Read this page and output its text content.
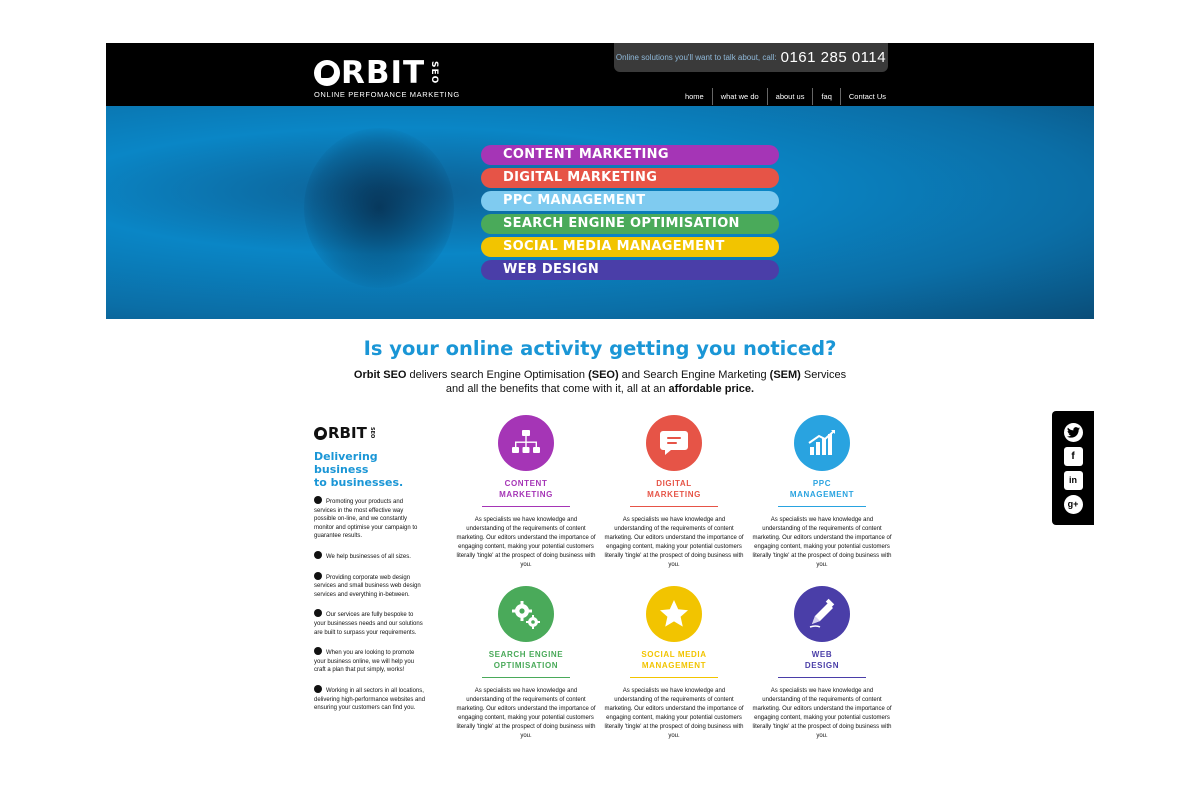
RBIT SEO
ONLINE PERFOMANCE MARKETING
Online solutions you'll want to talk about, call: 0161 285 0114
home	what we do	about us	faq	Contact Us
CONTENT MARKETING
DIGITAL MARKETING
PPC MANAGEMENT
SEARCH ENGINE OPTIMISATION
SOCIAL MEDIA MANAGEMENT
WEB DESIGN
Is your online activity getting you noticed?

Orbit SEO delivers search Engine Optimisation (SEO) and Search Engine Marketing (SEM) Services
and all the benefits that come with it, all at an affordable price.

RBIT SEO
Delivering
business
to businesses.
Promoting your products and services in the most effective way possible on-line, and we constantly monitor and optimise your campaign to guarantee results.
We help businesses of all sizes.
Providing corporate web design services and small business web design services and everything in-between.
Our services are fully bespoke to your businesses needs and our solutions are built to surpass your requirements.
When you are looking to promote your business online, we will help you craft a plan that put simply, works!
Working in all sectors in all locations, delivering high-performance websites and ensuring your customers can find you.
CONTENT
MARKETING
As specialists we have knowledge and understanding of the requirements of content marketing. Our editors understand the importance of engaging content, making your potential customers literally 'tingle' at the prospect of doing business with you.
DIGITAL
MARKETING
As specialists we have knowledge and understanding of the requirements of content marketing. Our editors understand the importance of engaging content, making your potential customers literally 'tingle' at the prospect of doing business with you.
PPC
MANAGEMENT
As specialists we have knowledge and understanding of the requirements of content marketing. Our editors understand the importance of engaging content, making your potential customers literally 'tingle' at the prospect of doing business with you.
SEARCH ENGINE
OPTIMISATION
As specialists we have knowledge and understanding of the requirements of content marketing. Our editors understand the importance of engaging content, making your potential customers literally 'tingle' at the prospect of doing business with you.
SOCIAL MEDIA
MANAGEMENT
As specialists we have knowledge and understanding of the requirements of content marketing. Our editors understand the importance of engaging content, making your potential customers literally 'tingle' at the prospect of doing business with you.
WEB
DESIGN
As specialists we have knowledge and understanding of the requirements of content marketing. Our editors understand the importance of engaging content, making your potential customers literally 'tingle' at the prospect of doing business with you.
f
in
g+
